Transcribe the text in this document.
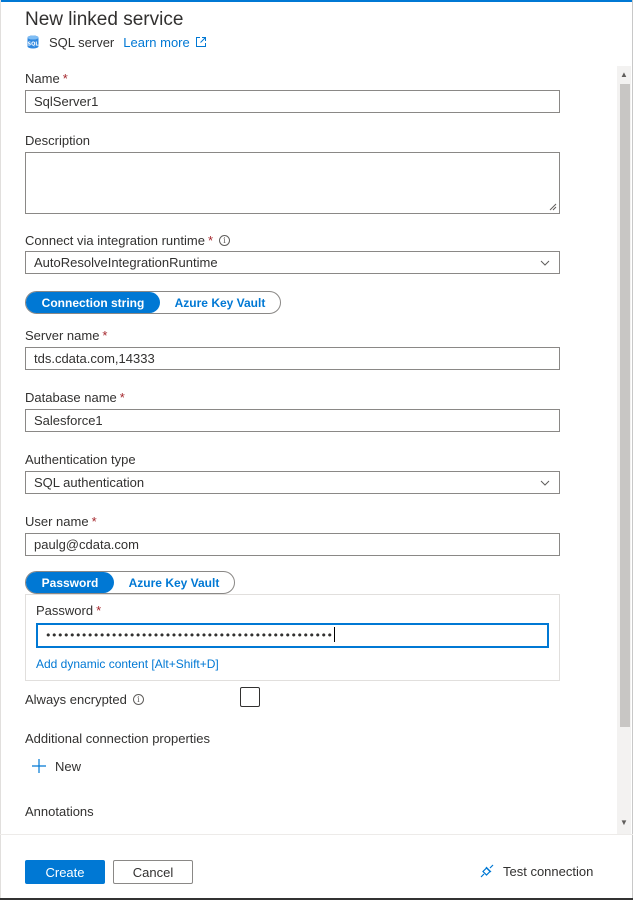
New linked service
SQL SQL server Learn more
Name *
SqlServer1
Description
Connect via integration runtime * i
AutoResolveIntegrationRuntime
Connection string	Azure Key Vault
Server name *
tds.cdata.com,14333
Database name *
Salesforce1
Authentication type
SQL authentication
User name *
paulg@cdata.com
Password	Azure Key Vault
Password *
••••••••••••••••••••••••••••••••••••••••••••••••
Add dynamic content [Alt+Shift+D]
Always encrypted i
Additional connection properties
New
Annotations
▲
▼
Create	Cancel	Test connection
